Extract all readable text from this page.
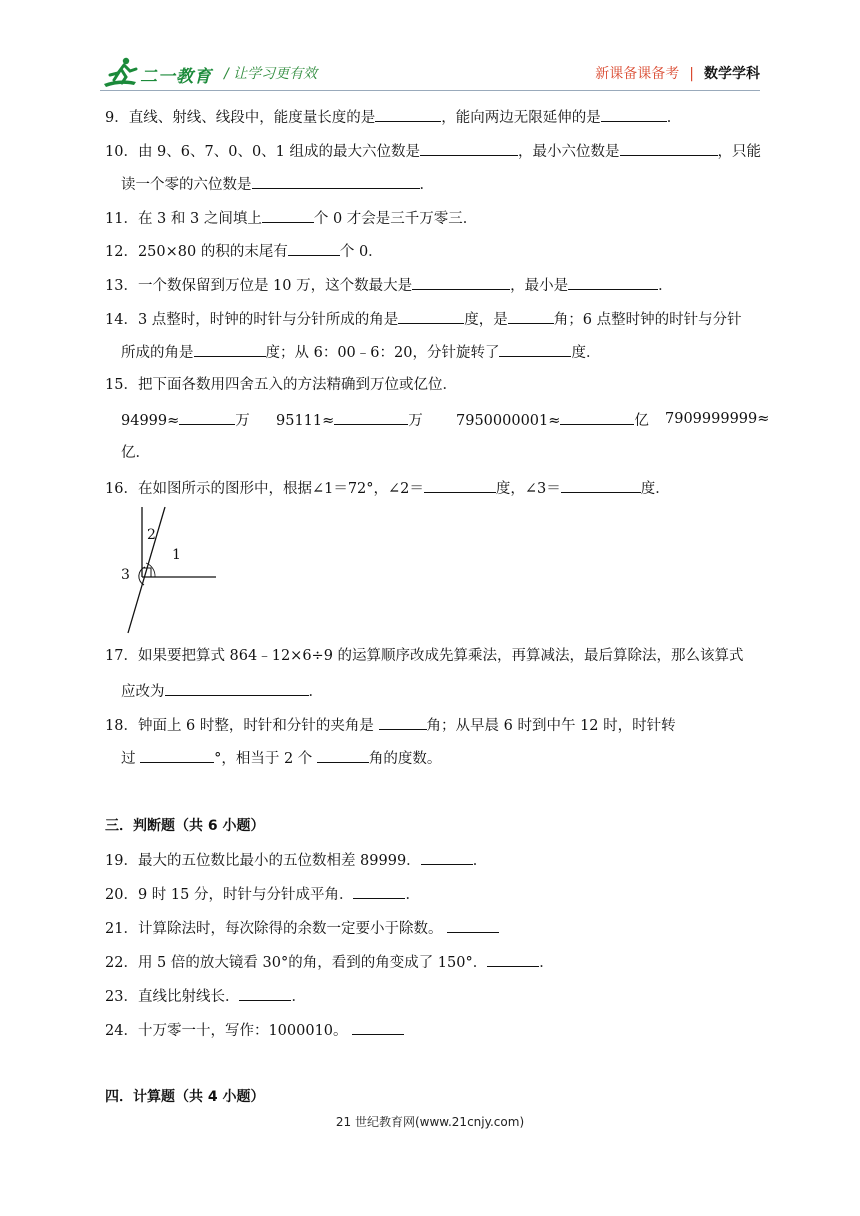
二一教育 / 让学习更有效	新课备课备考 | 数学学科
9．直线、射线、线段中，能度量长度的是	，能向两边无限延伸的是	．
10．由 9、6、7、0、0、1 组成的最大六位数是	，最小六位数是	，只能
读一个零的六位数是	．
11．在 3 和 3 之间填上	个 0 才会是三千万零三．
12．250×80 的积的末尾有	个 0．
13．一个数保留到万位是 10 万，这个数最大是	，最小是	．
14．3 点整时，时钟的时针与分针所成的角是	度，是	角；6 点整时钟的时针与分针
所成的角是	度；从 6：00﹣6：20，分针旋转了	度．
15．把下面各数用四舍五入的方法精确到万位或亿位．
94999≈	万 95111≈	万 7950000001≈	亿 7909999999≈
亿．
16．在如图所示的图形中，根据∠1＝72°，∠2＝	度，∠3＝	度．
2
1
3
17．如果要把算式 864﹣12×6÷9 的运算顺序改成先算乘法，再算减法，最后算除法，那么该算式
应改为	．
18．钟面上 6 时整，时针和分针的夹角是	角；从早晨 6 时到中午 12 时，时针转
过	°，相当于 2 个	角的度数。
三．判断题（共 6 小题）
19．最大的五位数比最小的五位数相差 89999．	．
20．9 时 15 分，时针与分针成平角．	．
21．计算除法时，每次除得的余数一定要小于除数。
22．用 5 倍的放大镜看 30°的角，看到的角变成了 150°．	．
23．直线比射线长．	．
24．十万零一十，写作：1000010。
四．计算题（共 4 小题）
21 世纪教育网(www.21cnjy.com)
